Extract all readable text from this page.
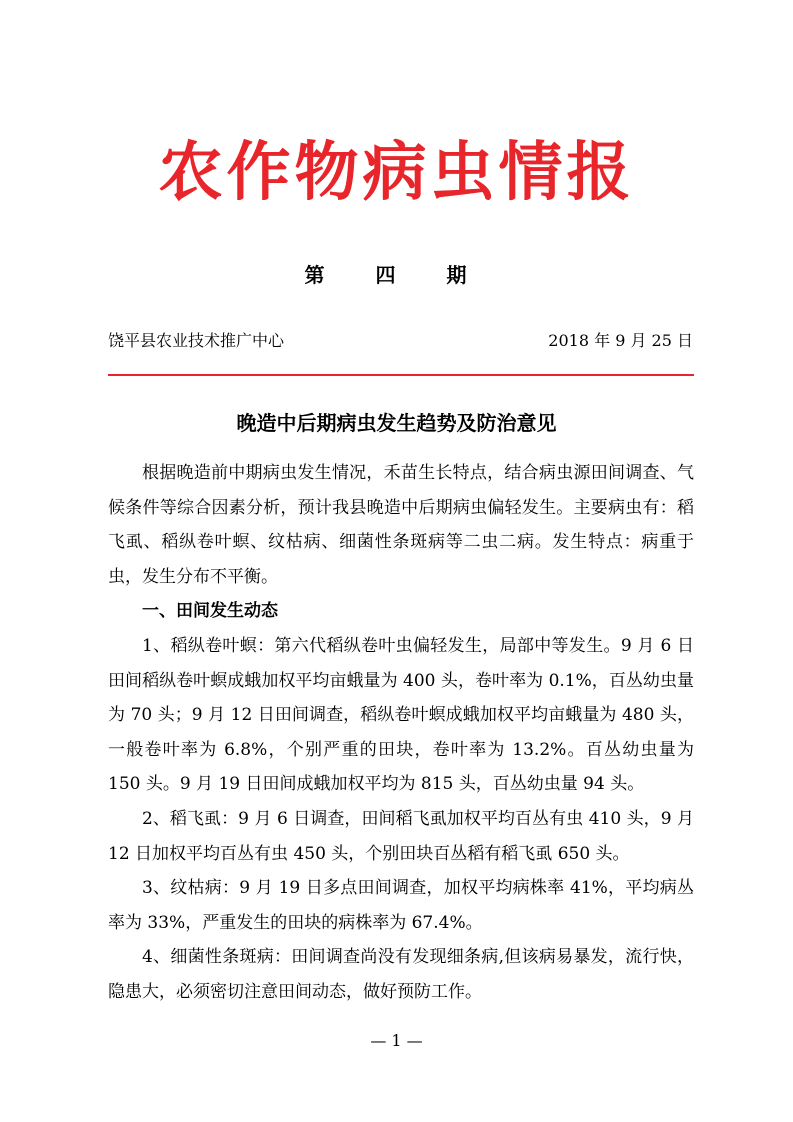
农作物病虫情报
第 四 期
饶平县农业技术推广中心	2018 年 9 月 25 日
晚造中后期病虫发生趋势及防治意见

根据晚造前中期病虫发生情况，禾苗生长特点，结合病虫源田间调查、气候条件等综合因素分析，预计我县晚造中后期病虫偏轻发生。主要病虫有：稻飞虱、稻纵卷叶螟、纹枯病、细菌性条斑病等二虫二病。发生特点：病重于虫，发生分布不平衡。

一、田间发生动态

1、稻纵卷叶螟：第六代稻纵卷叶虫偏轻发生，局部中等发生。9 月 6 日田间稻纵卷叶螟成蛾加权平均亩蛾量为 400 头，卷叶率为 0.1%，百丛幼虫量为 70 头；9 月 12 日田间调查，稻纵卷叶螟成蛾加权平均亩蛾量为 480 头，一般卷叶率为 6.8%，个别严重的田块，卷叶率为 13.2%。百丛幼虫量为 150 头。9 月 19 日田间成蛾加权平均为 815 头，百丛幼虫量 94 头。

2、稻飞虱：9 月 6 日调查，田间稻飞虱加权平均百丛有虫 410 头，9 月 12 日加权平均百丛有虫 450 头，个别田块百丛稻有稻飞虱 650 头。

3、纹枯病：9 月 19 日多点田间调查，加权平均病株率 41%，平均病丛率为 33%，严重发生的田块的病株率为 67.4%。

4、细菌性条斑病：田间调查尚没有发现细条病,但该病易暴发，流行快，隐患大，必须密切注意田间动态，做好预防工作。

— 1 —
